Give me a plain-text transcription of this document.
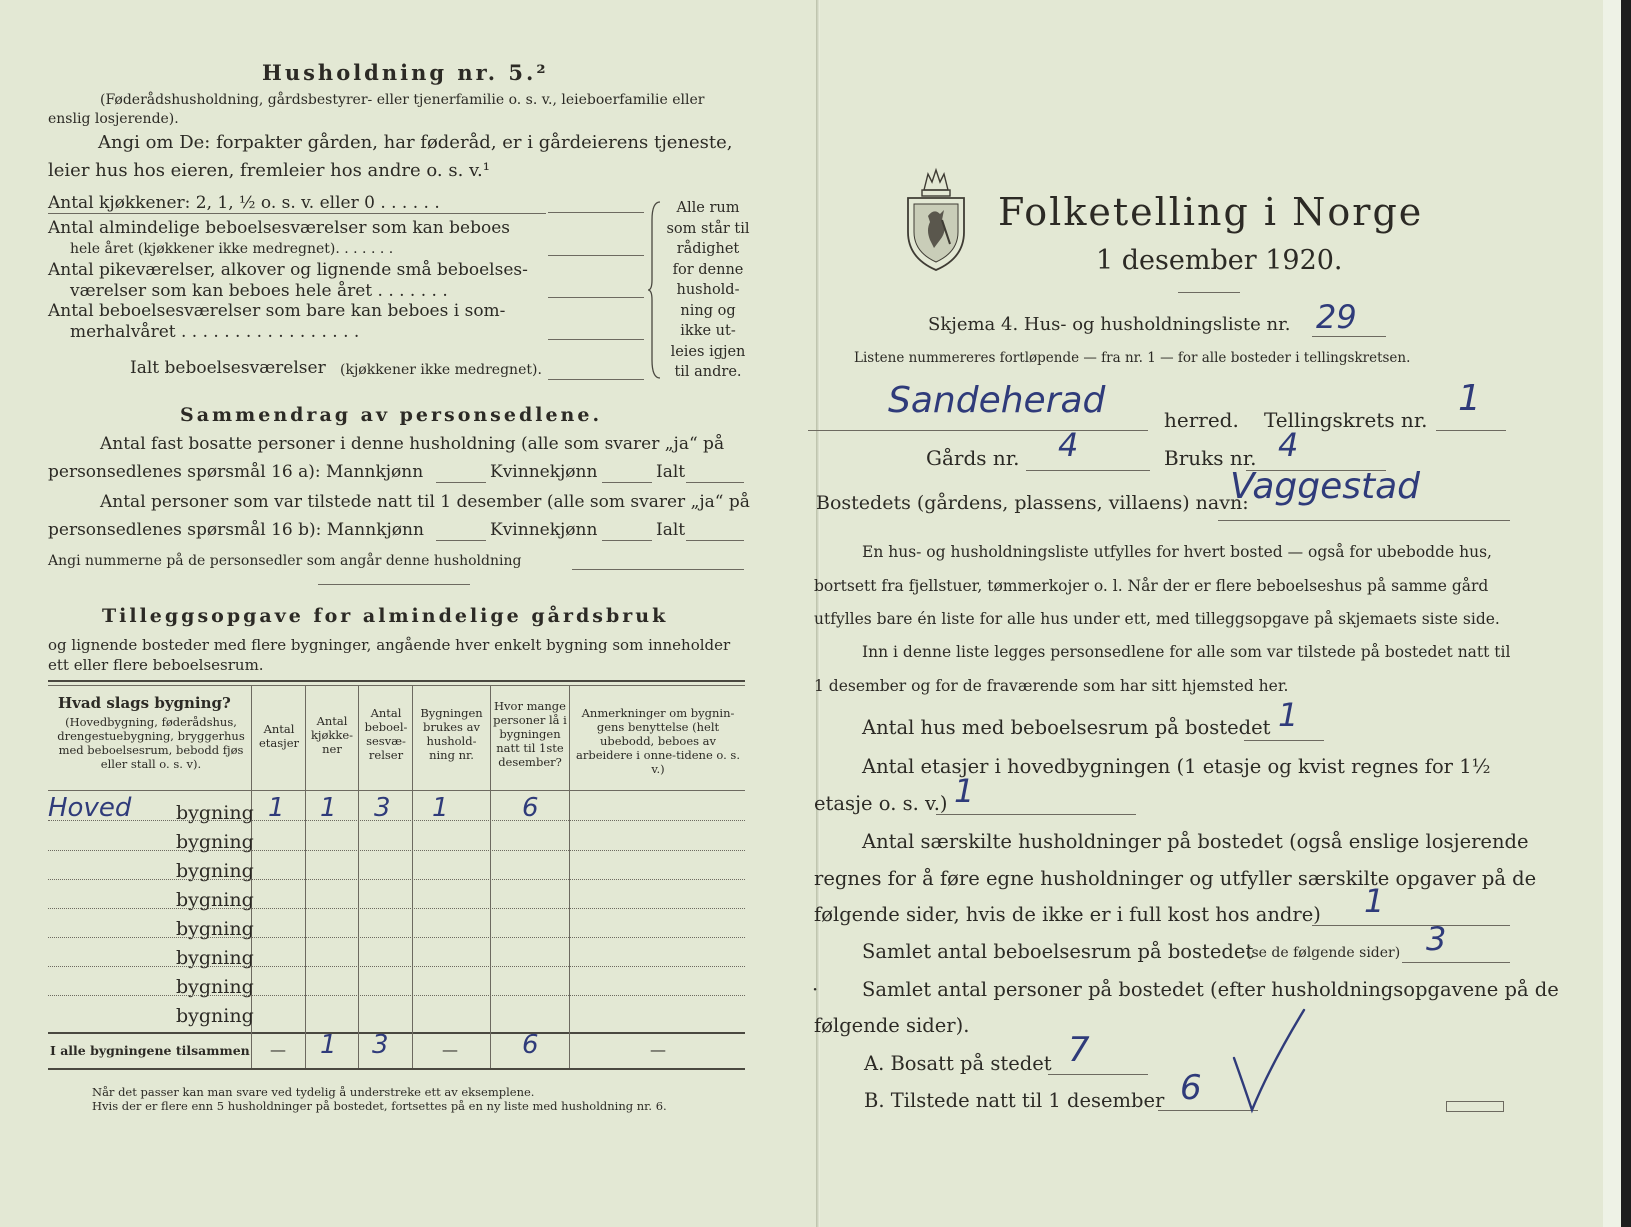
Husholdning nr. 5.²
(Føderådshusholdning, gårdsbestyrer- eller tjenerfamilie o. s. v., leieboerfamilie eller
enslig losjerende).
Angi om De: forpakter gården, har føderåd, er i gårdeierens tjeneste,
leier hus hos eieren, fremleier hos andre o. s. v.¹
Antal kjøkkener: 2, 1, ½ o. s. v. eller 0 . . . . . .
Antal almindelige beboelsesværelser som kan beboes
hele året (kjøkkener ikke medregnet). . . . . . .
Antal pikeværelser, alkover og lignende små beboelses-
værelser som kan beboes hele året . . . . . . .
Antal beboelsesværelser som bare kan beboes i som-
merhalvåret . . . . . . . . . . . . . . . . .
Ialt beboelsesværelser (kjøkkener ikke medregnet).
Alle rum
som står til
rådighet
for denne
hushold-
ning og
ikke ut-
leies igjen
til andre.
Sammendrag av personsedlene.
Antal fast bosatte personer i denne husholdning (alle som svarer „ja“ på
personsedlenes spørsmål 16 a): Mannkjønn	Kvinnekjønn	Ialt
Antal personer som var tilstede natt til 1 desember (alle som svarer „ja“ på
personsedlenes spørsmål 16 b): Mannkjønn	Kvinnekjønn	Ialt
Angi nummerne på de personsedler som angår denne husholdning
Tilleggsopgave for almindelige gårdsbruk
og lignende bosteder med flere bygninger, angående hver enkelt bygning som inneholder
ett eller flere beboelsesrum.
Hvad slags bygning?
(Hovedbygning, føderådshus, drengestuebygning, bryggerhus med beboelsesrum, bebodd fjøs eller stall o. s. v).
Antal etasjer
Antal kjøkke-ner
Antal beboel-sesvæ-relser
Bygningen brukes av hushold-ning nr.
Hvor mange personer lå i bygningen natt til 1ste desember?
Anmerkninger om bygnin-gens benyttelse (helt ubebodd, beboes av arbeidere i onne-tidene o. s. v.)
Hoved bygning 1 1 3 1	6
bygning
bygning
bygning
bygning
bygning
bygning
bygning
I alle bygningene tilsammen — 1 3	— 6	—
Når det passer kan man svare ved tydelig å understreke ett av eksemplene.
Hvis der er flere enn 5 husholdninger på bostedet, fortsettes på en ny liste med husholdning nr. 6.
Folketelling i Norge
1 desember 1920.
Skjema 4. Hus- og husholdningsliste nr. 29
Listene nummereres fortløpende — fra nr. 1 — for alle bosteder i tellingskretsen.
Sandeherad	herred. Tellingskrets nr.
1
Gårds nr. 4	Bruks nr. 4
Bostedets (gårdens, plassens, villaens) navn:
Vaggestad
En hus- og husholdningsliste utfylles for hvert bosted — også for ubebodde hus,
bortsett fra fjellstuer, tømmerkojer o. l. Når der er flere beboelseshus på samme gård
utfylles bare én liste for alle hus under ett, med tilleggsopgave på skjemaets siste side.
Inn i denne liste legges personsedlene for alle som var tilstede på bostedet natt til
1 desember og for de fraværende som har sitt hjemsted her.
Antal hus med beboelsesrum på bostedet 1
Antal etasjer i hovedbygningen (1 etasje og kvist regnes for 1½
etasje o. s. v.) 1
Antal særskilte husholdninger på bostedet (også enslige losjerende
regnes for å føre egne husholdninger og utfyller særskilte opgaver på de
følgende sider, hvis de ikke er i full kost hos andre) 1
Samlet antal beboelsesrum på bostedet
(se de følgende sider) 3
· Samlet antal personer på bostedet (efter husholdningsopgavene på de
følgende sider).
A. Bosatt på stedet 7
B. Tilstede natt til 1 desember 6
